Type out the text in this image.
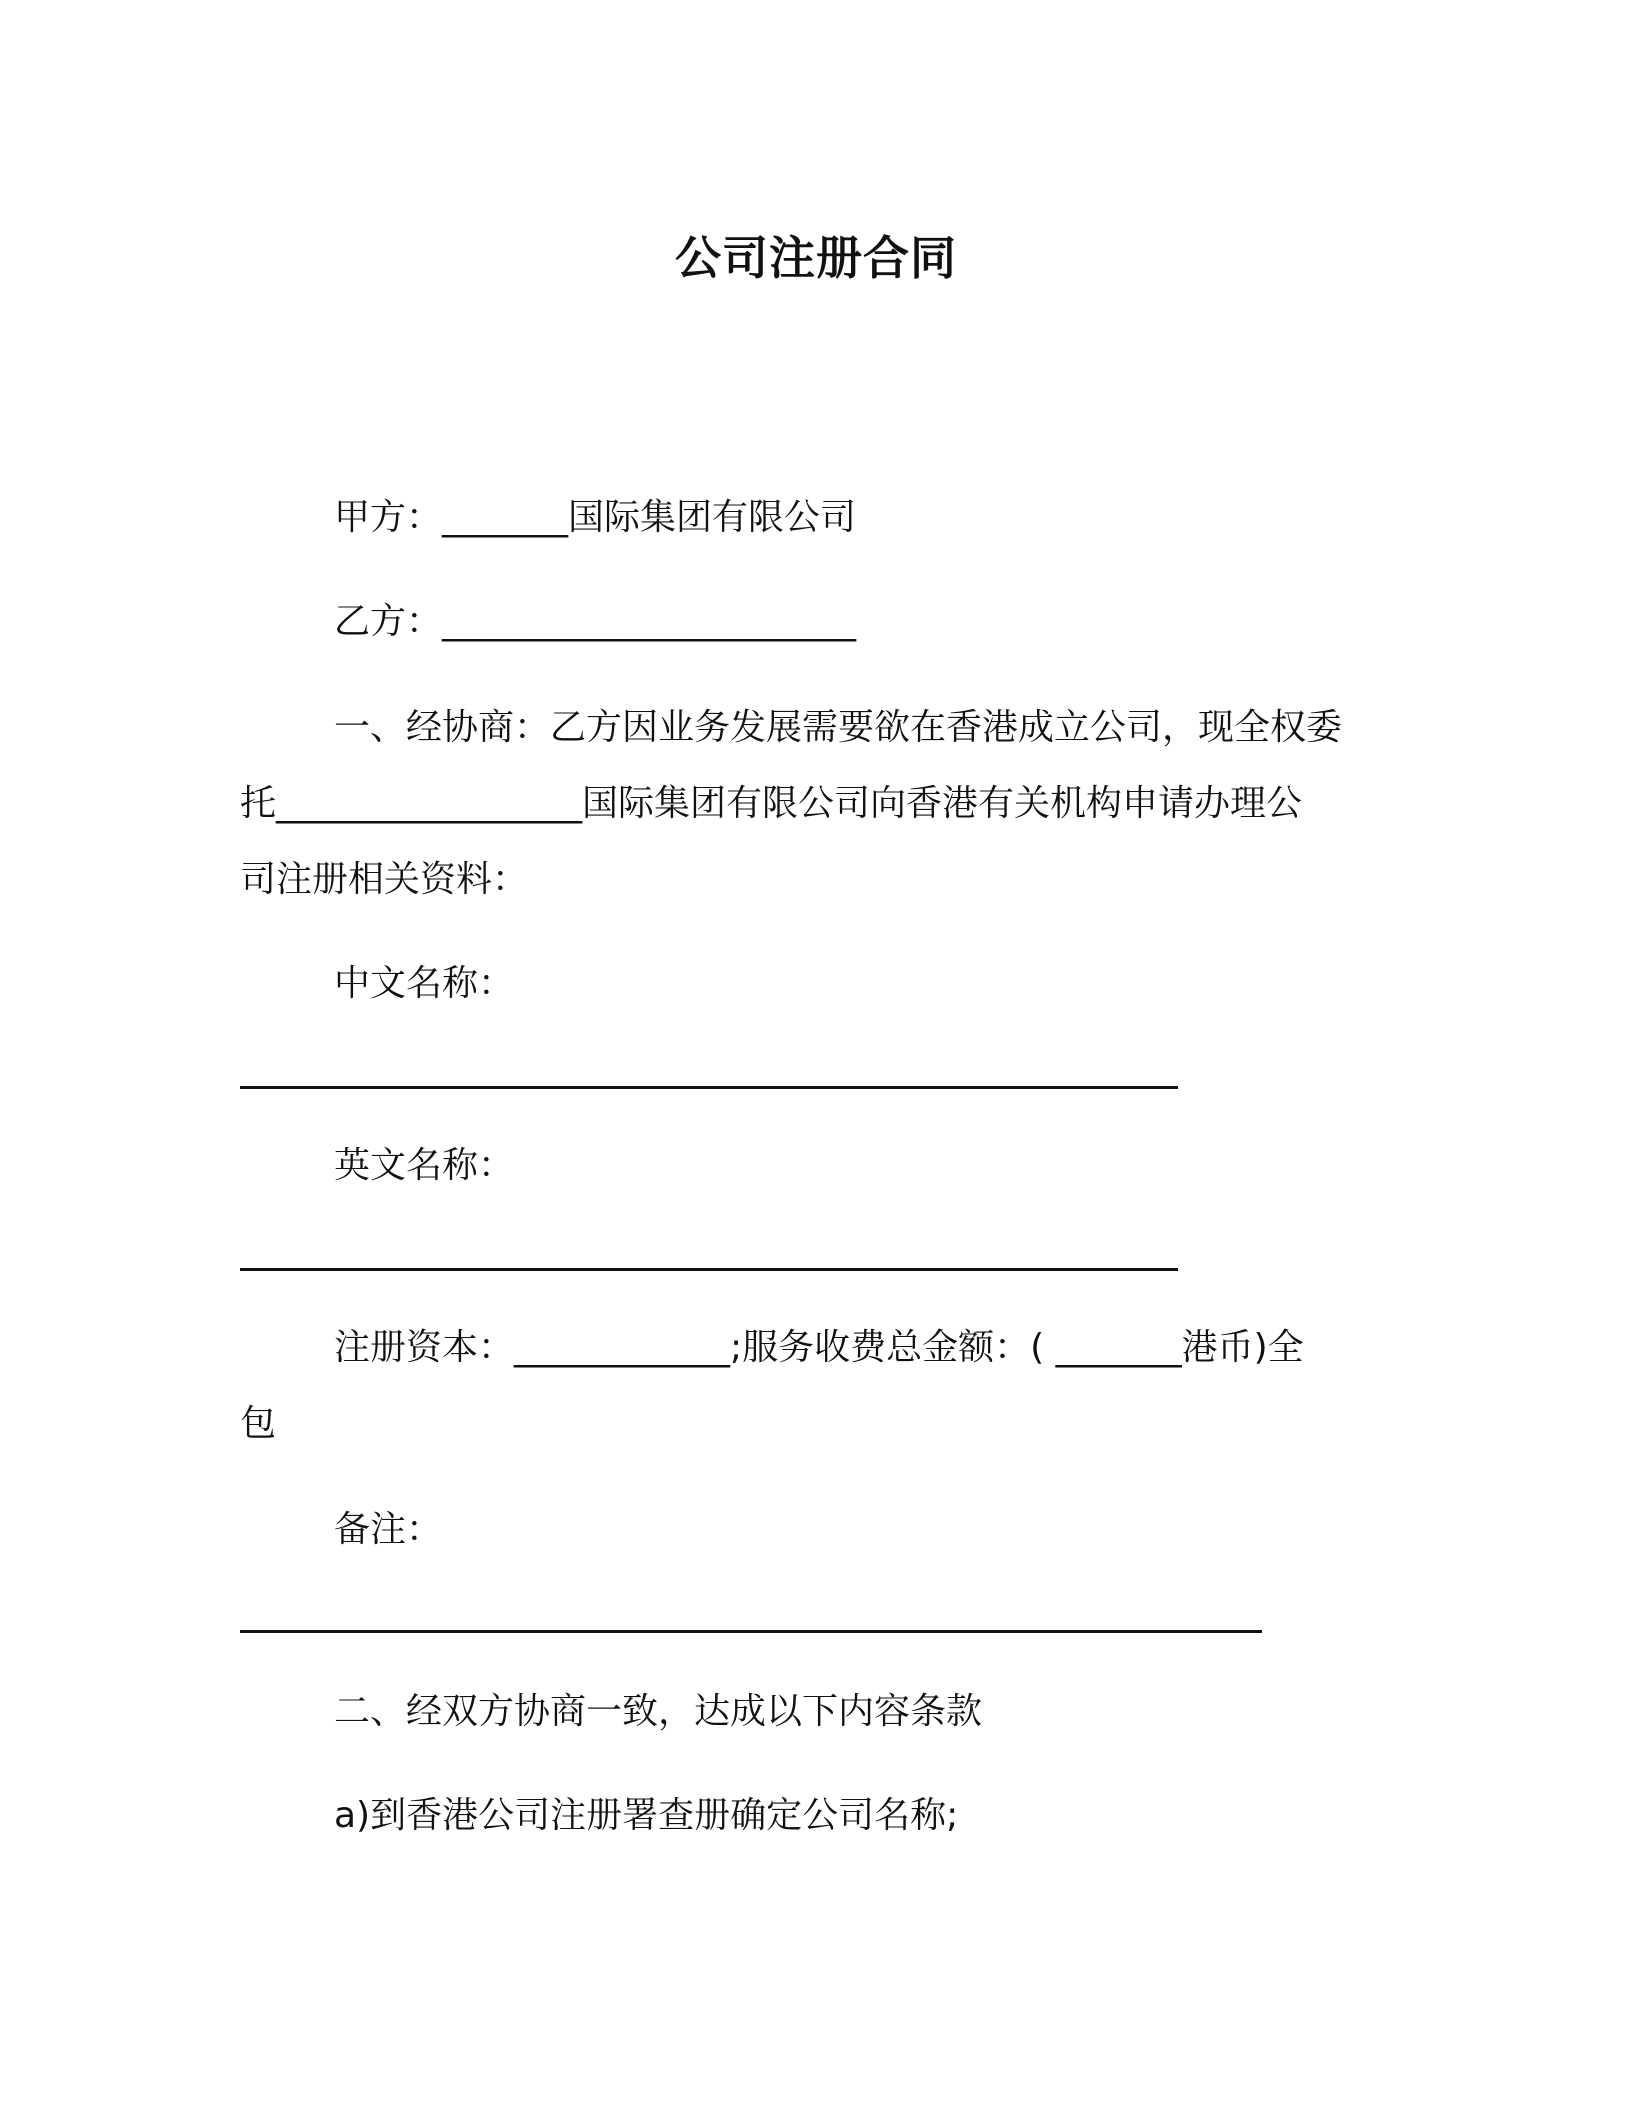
公司注册合同
甲方：_______国际集团有限公司
乙方：_______________________
一、经协商：乙方因业务发展需要欲在香港成立公司，现全权委
托_________________国际集团有限公司向香港有关机构申请办理公
司注册相关资料：
中文名称：
英文名称：
注册资本：____________;服务收费总金额：( _______港币)全
包
备注：
二、经双方协商一致，达成以下内容条款
a)到香港公司注册署查册确定公司名称;
